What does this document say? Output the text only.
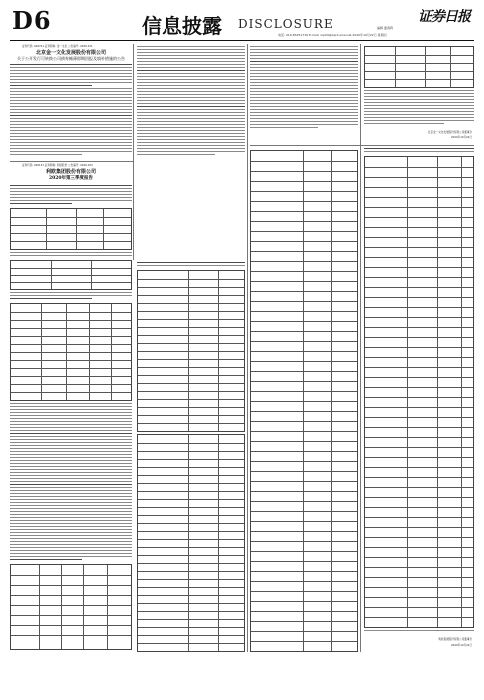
D6	信息披露 DISCLOSURE	证券日报
编辑 董春辉
电话: 010-83251716 E-mail: zqrb9@zqrb.sina.net 2020年10月22日 星期四
证券代码: 002721 证券简称: 金一文化 公告编号: 2020-151
北京金一文化发展股份有限公司
关于公开发行可转换公司债券摊薄即期回报及填补措施的公告
北京金一文化发展股份有限公司董事会
2020年10月22日
证券代码: 002131 证券简称: 利欧股份 公告编号: 2020-103
利欧集团股份有限公司
2020年第三季度报告
利欧集团股份有限公司董事会
2020年10月22日
